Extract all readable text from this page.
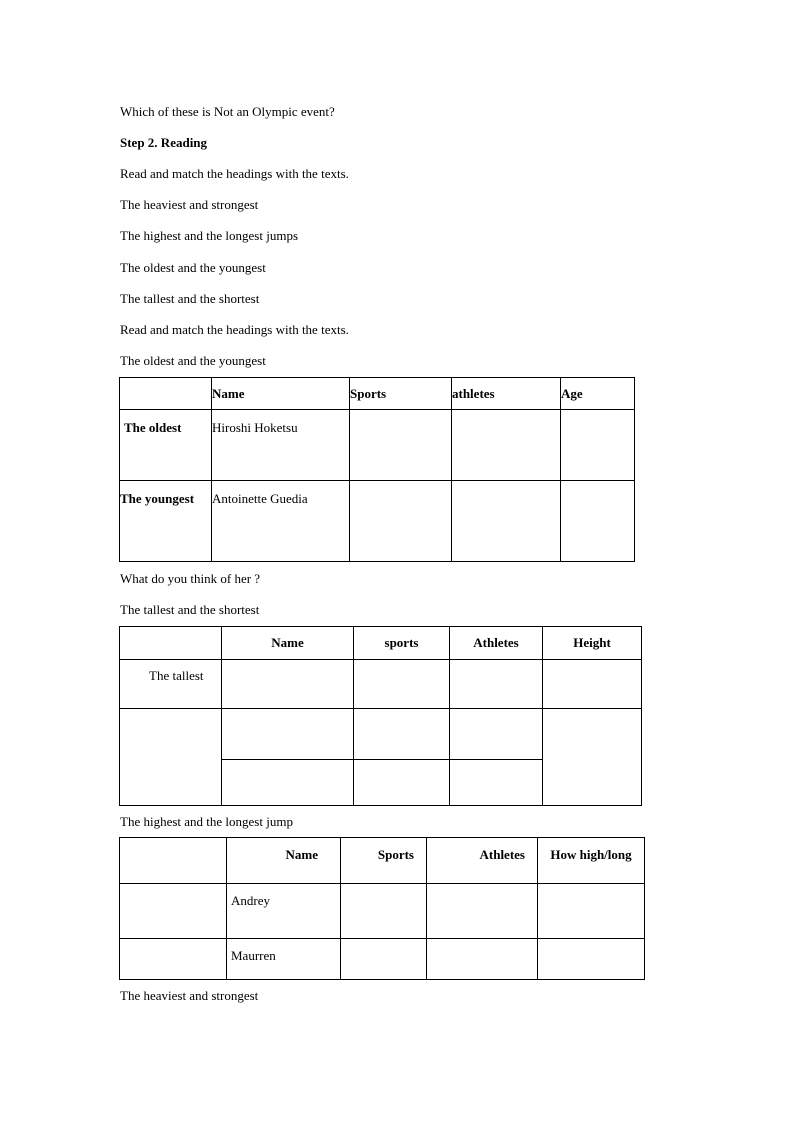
Which of these is Not an Olympic event?
Step 2. Reading
Read and match the headings with the texts.
The heaviest and strongest
The highest and the longest jumps
The oldest and the youngest
The tallest and the shortest
Read and match the headings with the texts.
The oldest and the youngest
	Name	Sports	athletes	Age
The oldest	Hiroshi Hoketsu			
The youngest	Antoinette Guedia			
What do you think of her ?
The tallest and the shortest
	Name	sports	Athletes	Height
The tallest				

The highest and the longest jump
	Name	Sports	Athletes	How high/long
	Andrey			
	Maurren			
The heaviest and strongest
